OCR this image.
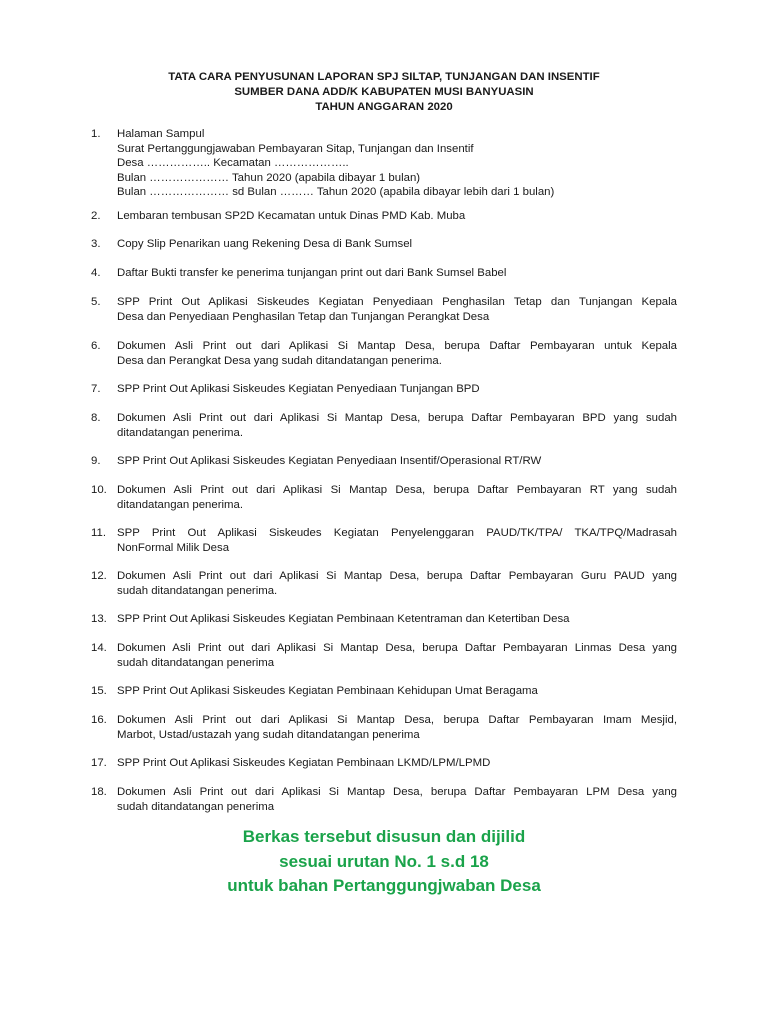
TATA CARA PENYUSUNAN LAPORAN SPJ SILTAP, TUNJANGAN DAN INSENTIF
SUMBER DANA ADD/K KABUPATEN MUSI BANYUASIN
TAHUN ANGGARAN 2020
1. Halaman Sampul
Surat Pertanggungjawaban Pembayaran Sitap, Tunjangan dan Insentif
Desa …………….. Kecamatan ………………..
Bulan ………………… Tahun 2020 (apabila dibayar 1 bulan)
Bulan ………………… sd Bulan ……… Tahun 2020 (apabila dibayar lebih dari 1 bulan)
2. Lembaran tembusan SP2D Kecamatan untuk Dinas PMD Kab. Muba
3. Copy Slip Penarikan uang Rekening Desa di Bank Sumsel
4. Daftar Bukti transfer ke penerima tunjangan print out dari Bank Sumsel Babel
5. SPP Print Out Aplikasi Siskeudes Kegiatan Penyediaan Penghasilan Tetap dan Tunjangan Kepala
Desa dan Penyediaan Penghasilan Tetap dan Tunjangan Perangkat Desa
6. Dokumen Asli Print out dari Aplikasi Si Mantap Desa, berupa Daftar Pembayaran untuk Kepala
Desa dan Perangkat Desa yang sudah ditandatangan penerima.
7. SPP Print Out Aplikasi Siskeudes Kegiatan Penyediaan Tunjangan BPD
8. Dokumen Asli Print out dari Aplikasi Si Mantap Desa, berupa Daftar Pembayaran BPD yang sudah
ditandatangan penerima.
9. SPP Print Out Aplikasi Siskeudes Kegiatan Penyediaan Insentif/Operasional RT/RW
10. Dokumen Asli Print out dari Aplikasi Si Mantap Desa, berupa Daftar Pembayaran RT yang sudah
ditandatangan penerima.
11. SPP Print Out Aplikasi Siskeudes Kegiatan Penyelenggaran PAUD/TK/TPA/ TKA/TPQ/Madrasah
NonFormal Milik Desa
12. Dokumen Asli Print out dari Aplikasi Si Mantap Desa, berupa Daftar Pembayaran Guru PAUD yang
sudah ditandatangan penerima.
13. SPP Print Out Aplikasi Siskeudes Kegiatan Pembinaan Ketentraman dan Ketertiban Desa
14. Dokumen Asli Print out dari Aplikasi Si Mantap Desa, berupa Daftar Pembayaran Linmas Desa yang
sudah ditandatangan penerima
15. SPP Print Out Aplikasi Siskeudes Kegiatan Pembinaan Kehidupan Umat Beragama
16. Dokumen Asli Print out dari Aplikasi Si Mantap Desa, berupa Daftar Pembayaran Imam Mesjid,
Marbot, Ustad/ustazah yang sudah ditandatangan penerima
17. SPP Print Out Aplikasi Siskeudes Kegiatan Pembinaan LKMD/LPM/LPMD
18. Dokumen Asli Print out dari Aplikasi Si Mantap Desa, berupa Daftar Pembayaran LPM Desa yang
sudah ditandatangan penerima
Berkas tersebut disusun dan dijilid
sesuai urutan No. 1 s.d 18
untuk bahan Pertanggungjwaban Desa
